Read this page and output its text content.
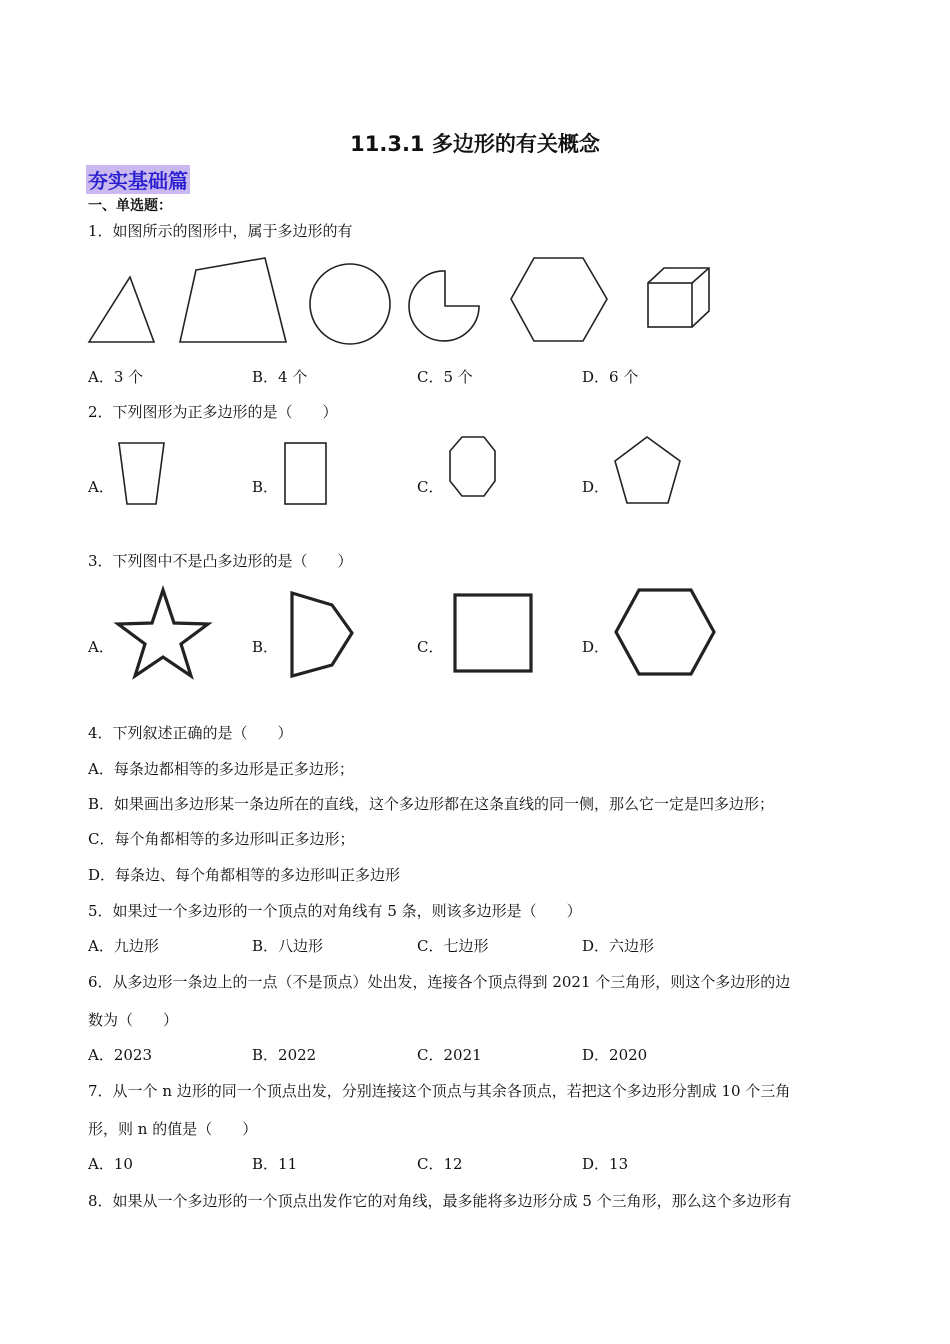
11.3.1 多边形的有关概念
夯实基础篇
一、单选题：
1．如图所示的图形中，属于多边形的有
A．3 个	B．4 个	C．5 个	D．6 个
2．下列图形为正多边形的是（　　）
A．	B．	C．	D．
3．下列图中不是凸多边形的是（　　）
A．	B．	C．	D．
4．下列叙述正确的是（　　）
A．每条边都相等的多边形是正多边形；
B．如果画出多边形某一条边所在的直线，这个多边形都在这条直线的同一侧，那么它一定是凹多边形；
C．每个角都相等的多边形叫正多边形；
D．每条边、每个角都相等的多边形叫正多边形
5．如果过一个多边形的一个顶点的对角线有 5 条，则该多边形是（　　）
A．九边形	B．八边形	C．七边形	D．六边形
6．从多边形一条边上的一点（不是顶点）处出发，连接各个顶点得到 2021 个三角形，则这个多边形的边
数为（　　）
A．2023	B．2022	C．2021	D．2020
7．从一个 n 边形的同一个顶点出发，分别连接这个顶点与其余各顶点，若把这个多边形分割成 10 个三角
形，则 n 的值是（　　）
A．10	B．11	C．12	D．13
8．如果从一个多边形的一个顶点出发作它的对角线，最多能将多边形分成 5 个三角形，那么这个多边形有
